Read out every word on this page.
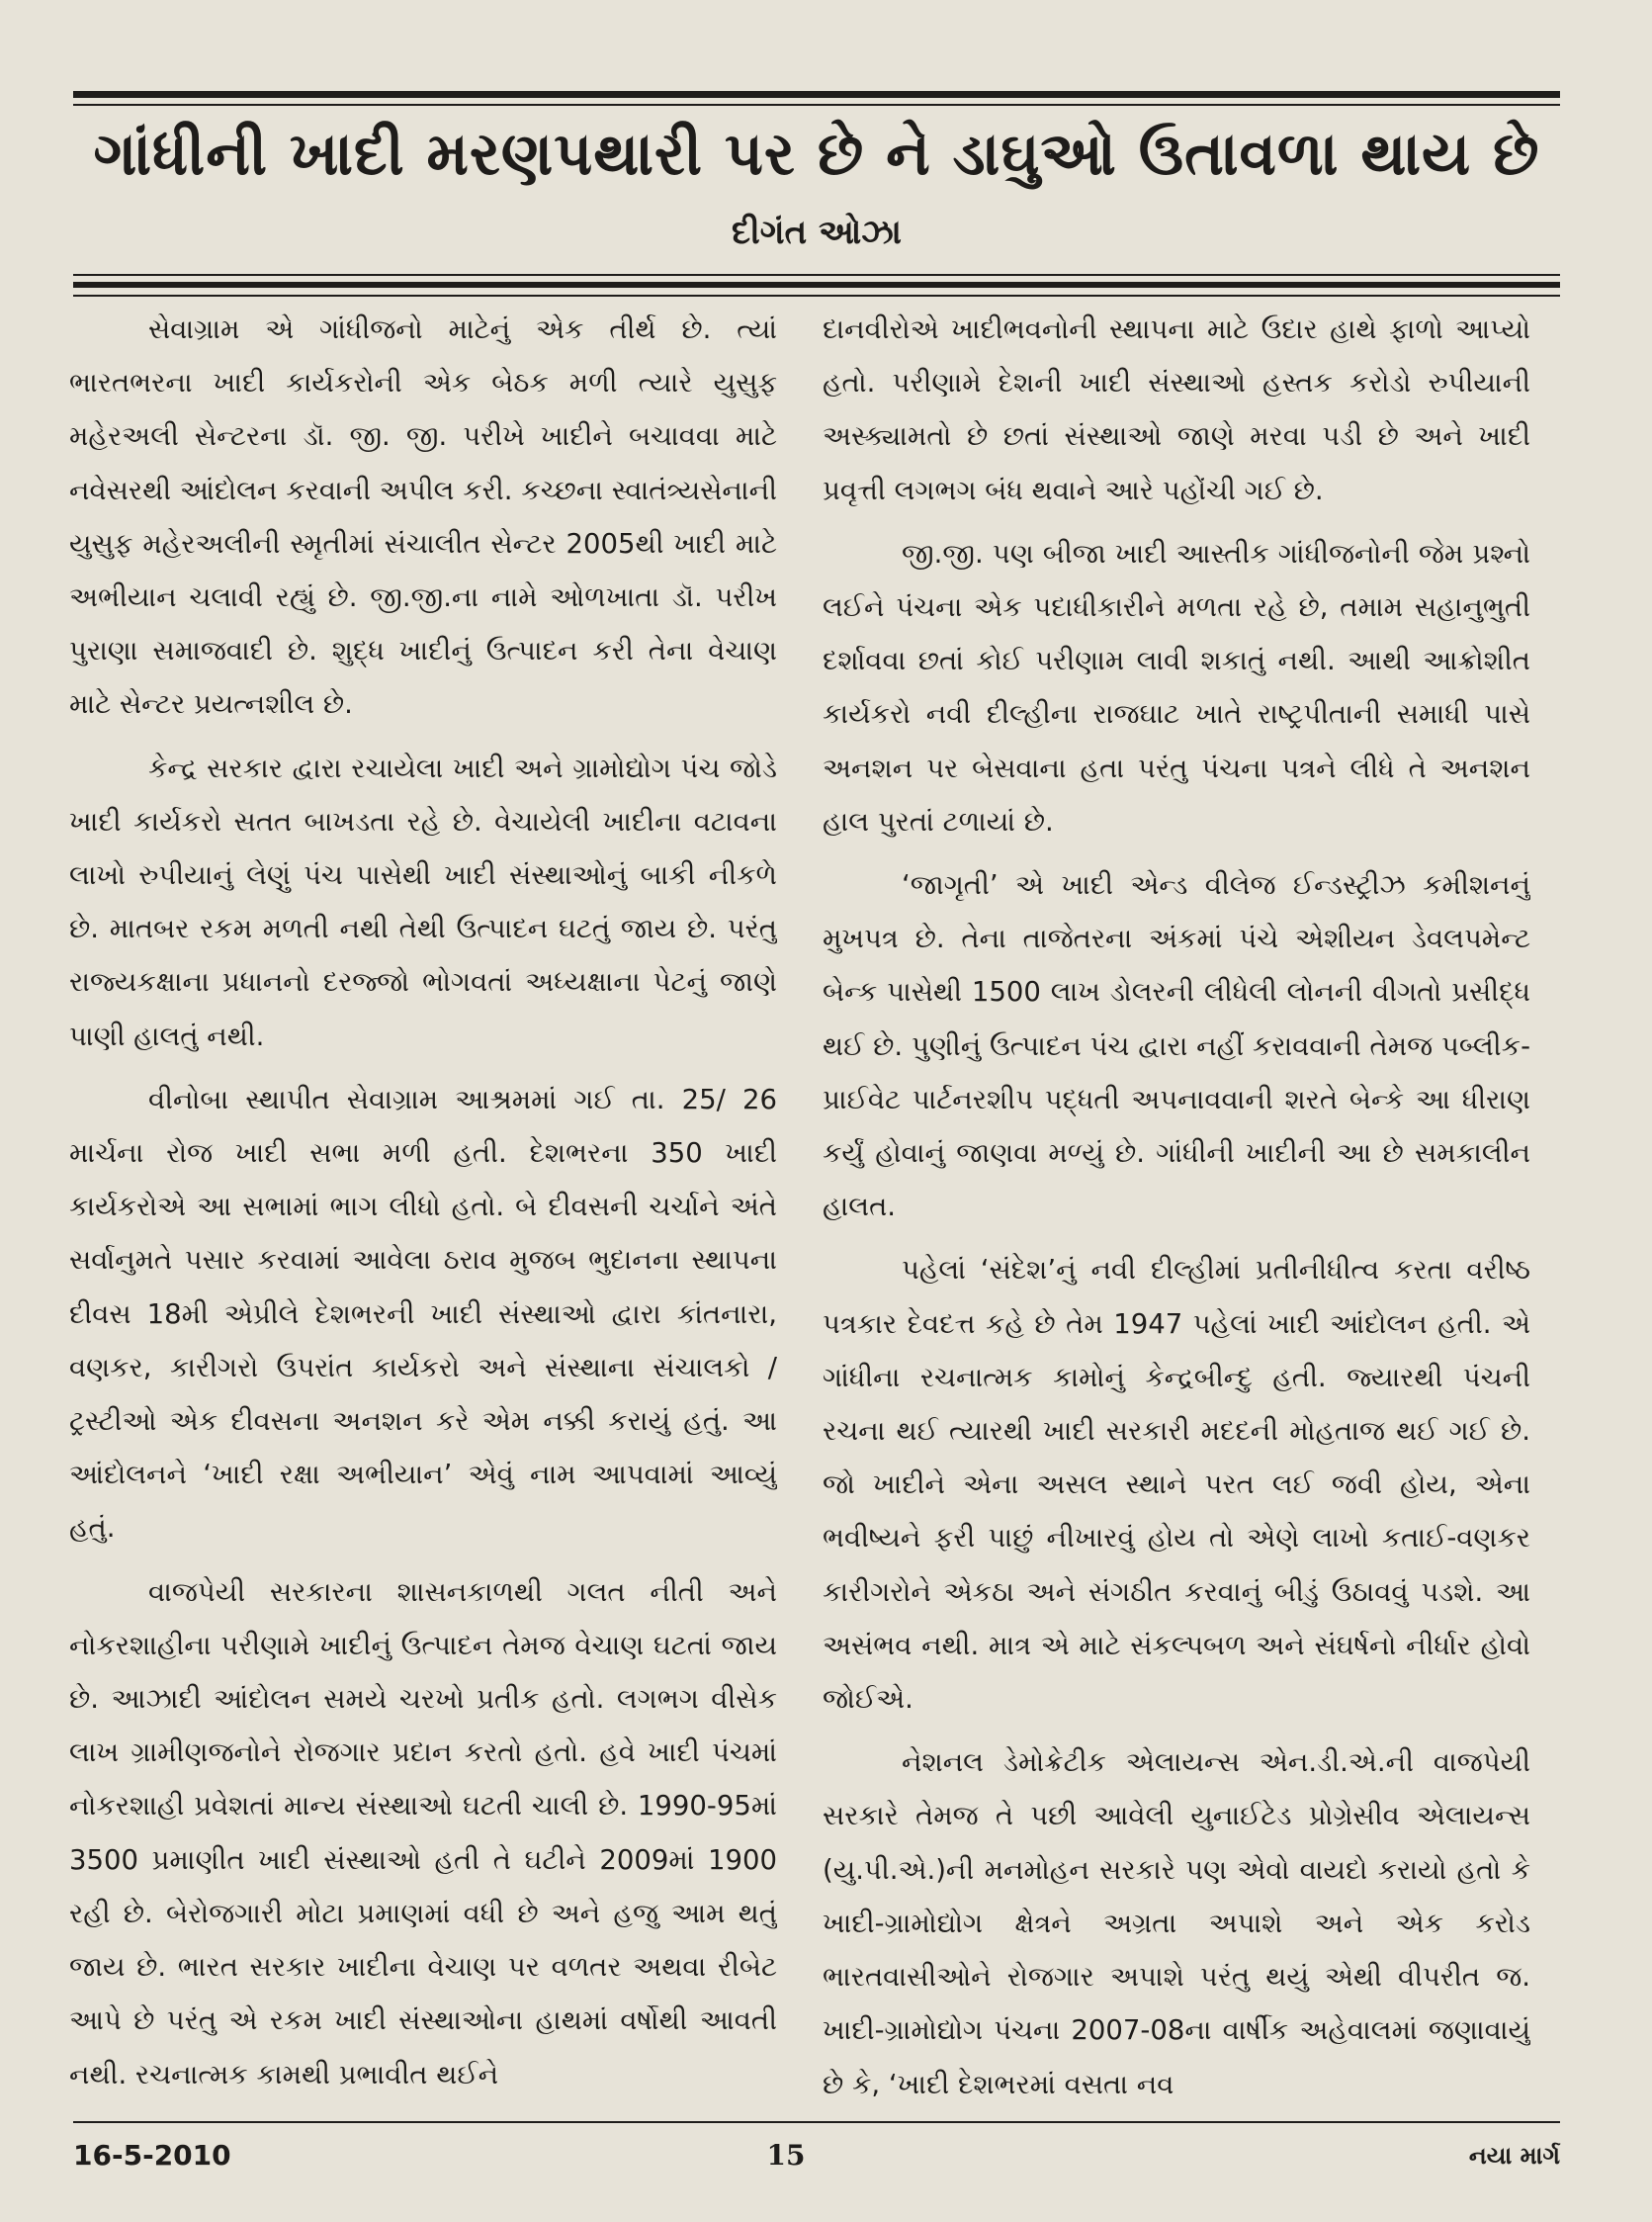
ગાંધીની ખાદી મરણપથારી પર છે ને ડાઘુઓ ઉતાવળા થાય છે
દીગંત ઓઝા

સેવાગ્રામ એ ગાંધીજનો માટેનું એક તીર્થ છે. ત્યાં ભારતભરના ખાદી કાર્યકરોની એક બેઠક મળી ત્યારે યુસુફ મહેરઅલી સેન્ટરના ડૉ. જી. જી. પરીખે ખાદીને બચાવવા માટે નવેસરથી આંદોલન કરવાની અપીલ કરી. કચ્છના સ્વાતંત્ર્યસેનાની યુસુફ મહેરઅલીની સ્મૃતીમાં સંચાલીત સેન્ટર 2005થી ખાદી માટે અભીયાન ચલાવી રહ્યું છે. જી.જી.ના નામે ઓળખાતા ડૉ. પરીખ પુરાણા સમાજવાદી છે. શુદ્ધ ખાદીનું ઉત્પાદન કરી તેના વેચાણ માટે સેન્ટર પ્રયત્નશીલ છે.

કેન્દ્ર સરકાર દ્વારા રચાયેલા ખાદી અને ગ્રામોદ્યોગ પંચ જોડે ખાદી કાર્યકરો સતત બાખડતા રહે છે. વેચાયેલી ખાદીના વટાવના લાખો રુપીયાનું લેણું પંચ પાસેથી ખાદી સંસ્થાઓનું બાકી નીકળે છે. માતબર રકમ મળતી નથી તેથી ઉત્પાદન ઘટતું જાય છે. પરંતુ રાજ્યકક્ષાના પ્રધાનનો દરજ્જો ભોગવતાં અધ્યક્ષાના પેટનું જાણે પાણી હાલતું નથી.

વીનોબા સ્થાપીત સેવાગ્રામ આશ્રમમાં ગઈ તા. 25/ 26 માર્ચના રોજ ખાદી સભા મળી હતી. દેશભરના 350 ખાદી કાર્યકરોએ આ સભામાં ભાગ લીધો હતો. બે દીવસની ચર્ચાને અંતે સર્વાનુમતે પસાર કરવામાં આવેલા ઠરાવ મુજબ ભુદાનના સ્થાપના દીવસ 18મી એપ્રીલે દેશભરની ખાદી સંસ્થાઓ દ્વારા કાંતનારા, વણકર, કારીગરો ઉપરાંત કાર્યકરો અને સંસ્થાના સંચાલકો / ટ્રસ્ટીઓ એક દીવસના અનશન કરે એમ નક્કી કરાયું હતું. આ આંદોલનને ‘ખાદી રક્ષા અભીયાન’ એવું નામ આપવામાં આવ્યું હતું.

વાજપેયી સરકારના શાસનકાળથી ગલત નીતી અને નોકરશાહીના પરીણામે ખાદીનું ઉત્પાદન તેમજ વેચાણ ઘટતાં જાય છે. આઝાદી આંદોલન સમયે ચરખો પ્રતીક હતો. લગભગ વીસેક લાખ ગ્રામીણજનોને રોજગાર પ્રદાન કરતો હતો. હવે ખાદી પંચમાં નોકરશાહી પ્રવેશતાં માન્ય સંસ્થાઓ ઘટતી ચાલી છે. 1990-95માં 3500 પ્રમાણીત ખાદી સંસ્થાઓ હતી તે ઘટીને 2009માં 1900 રહી છે. બેરોજગારી મોટા પ્રમાણમાં વધી છે અને હજુ આમ થતું જાય છે. ભારત સરકાર ખાદીના વેચાણ પર વળતર અથવા રીબેટ આપે છે પરંતુ એ રકમ ખાદી સંસ્થાઓના હાથમાં વર્ષોથી આવતી નથી. રચનાત્મક કામથી પ્રભાવીત થઈને

દાનવીરોએ ખાદીભવનોની સ્થાપના માટે ઉદાર હાથે ફાળો આપ્યો હતો. પરીણામે દેશની ખાદી સંસ્થાઓ હસ્તક કરોડો રુપીયાની અસ્ક્યામતો છે છતાં સંસ્થાઓ જાણે મરવા પડી છે અને ખાદી પ્રવૃત્તી લગભગ બંધ થવાને આરે પહોંચી ગઈ છે.

જી.જી. પણ બીજા ખાદી આસ્તીક ગાંધીજનોની જેમ પ્રશ્નો લઈને પંચના એક પદાધીકારીને મળતા રહે છે, તમામ સહાનુભુતી દર્શાવવા છતાં કોઈ પરીણામ લાવી શકાતું નથી. આથી આક્રોશીત કાર્યકરો નવી દીલ્હીના રાજઘાટ ખાતે રાષ્ટ્રપીતાની સમાધી પાસે અનશન પર બેસવાના હતા પરંતુ પંચના પત્રને લીધે તે અનશન હાલ પુરતાં ટળાયાં છે.

‘જાગૃતી’ એ ખાદી એન્ડ વીલેજ ઈન્ડસ્ટ્રીઝ કમીશનનું મુખપત્ર છે. તેના તાજેતરના અંકમાં પંચે એશીયન ડેવલપમેન્ટ બેન્ક પાસેથી 1500 લાખ ડોલરની લીધેલી લોનની વીગતો પ્રસીદ્ધ થઈ છે. પુણીનું ઉત્પાદન પંચ દ્વારા નહીં કરાવવાની તેમજ પબ્લીક-પ્રાઈવેટ પાર્ટનરશીપ પદ્ધતી અપનાવવાની શરતે બેન્કે આ ધીરાણ કર્યું હોવાનું જાણવા મળ્યું છે. ગાંધીની ખાદીની આ છે સમકાલીન હાલત.

પહેલાં ‘સંદેશ’નું નવી દીલ્હીમાં પ્રતીનીધીત્વ કરતા વરીષ્ઠ પત્રકાર દેવદત્ત કહે છે તેમ 1947 પહેલાં ખાદી આંદોલન હતી. એ ગાંધીના રચનાત્મક કામોનું કેન્દ્રબીન્દુ હતી. જ્યારથી પંચની રચના થઈ ત્યારથી ખાદી સરકારી મદદની મોહતાજ થઈ ગઈ છે. જો ખાદીને એના અસલ સ્થાને પરત લઈ જવી હોય, એના ભવીષ્યને ફરી પાછું નીખારવું હોય તો એણે લાખો કતાઈ-વણકર કારીગરોને એકઠા અને સંગઠીત કરવાનું બીડું ઉઠાવવું પડશે. આ અસંભવ નથી. માત્ર એ માટે સંકલ્પબળ અને સંઘર્ષનો નીર્ધાર હોવો જોઈએ.

નેશનલ ડેમોક્રેટીક એલાયન્સ એન.ડી.એ.ની વાજપેયી સરકારે તેમજ તે પછી આવેલી યુનાઈટેડ પ્રોગ્રેસીવ એલાયન્સ (યુ.પી.એ.)ની મનમોહન સરકારે પણ એવો વાયદો કરાયો હતો કે ખાદી-ગ્રામોદ્યોગ ક્ષેત્રને અગ્રતા અપાશે અને એક કરોડ ભારતવાસીઓને રોજગાર અપાશે પરંતુ થયું એથી વીપરીત જ. ખાદી-ગ્રામોદ્યોગ પંચના 2007-08ના વાર્ષીક અહેવાલમાં જણાવાયું છે કે, ‘ખાદી દેશભરમાં વસતા નવ

16-5-2010	15	નયા માર્ગ
